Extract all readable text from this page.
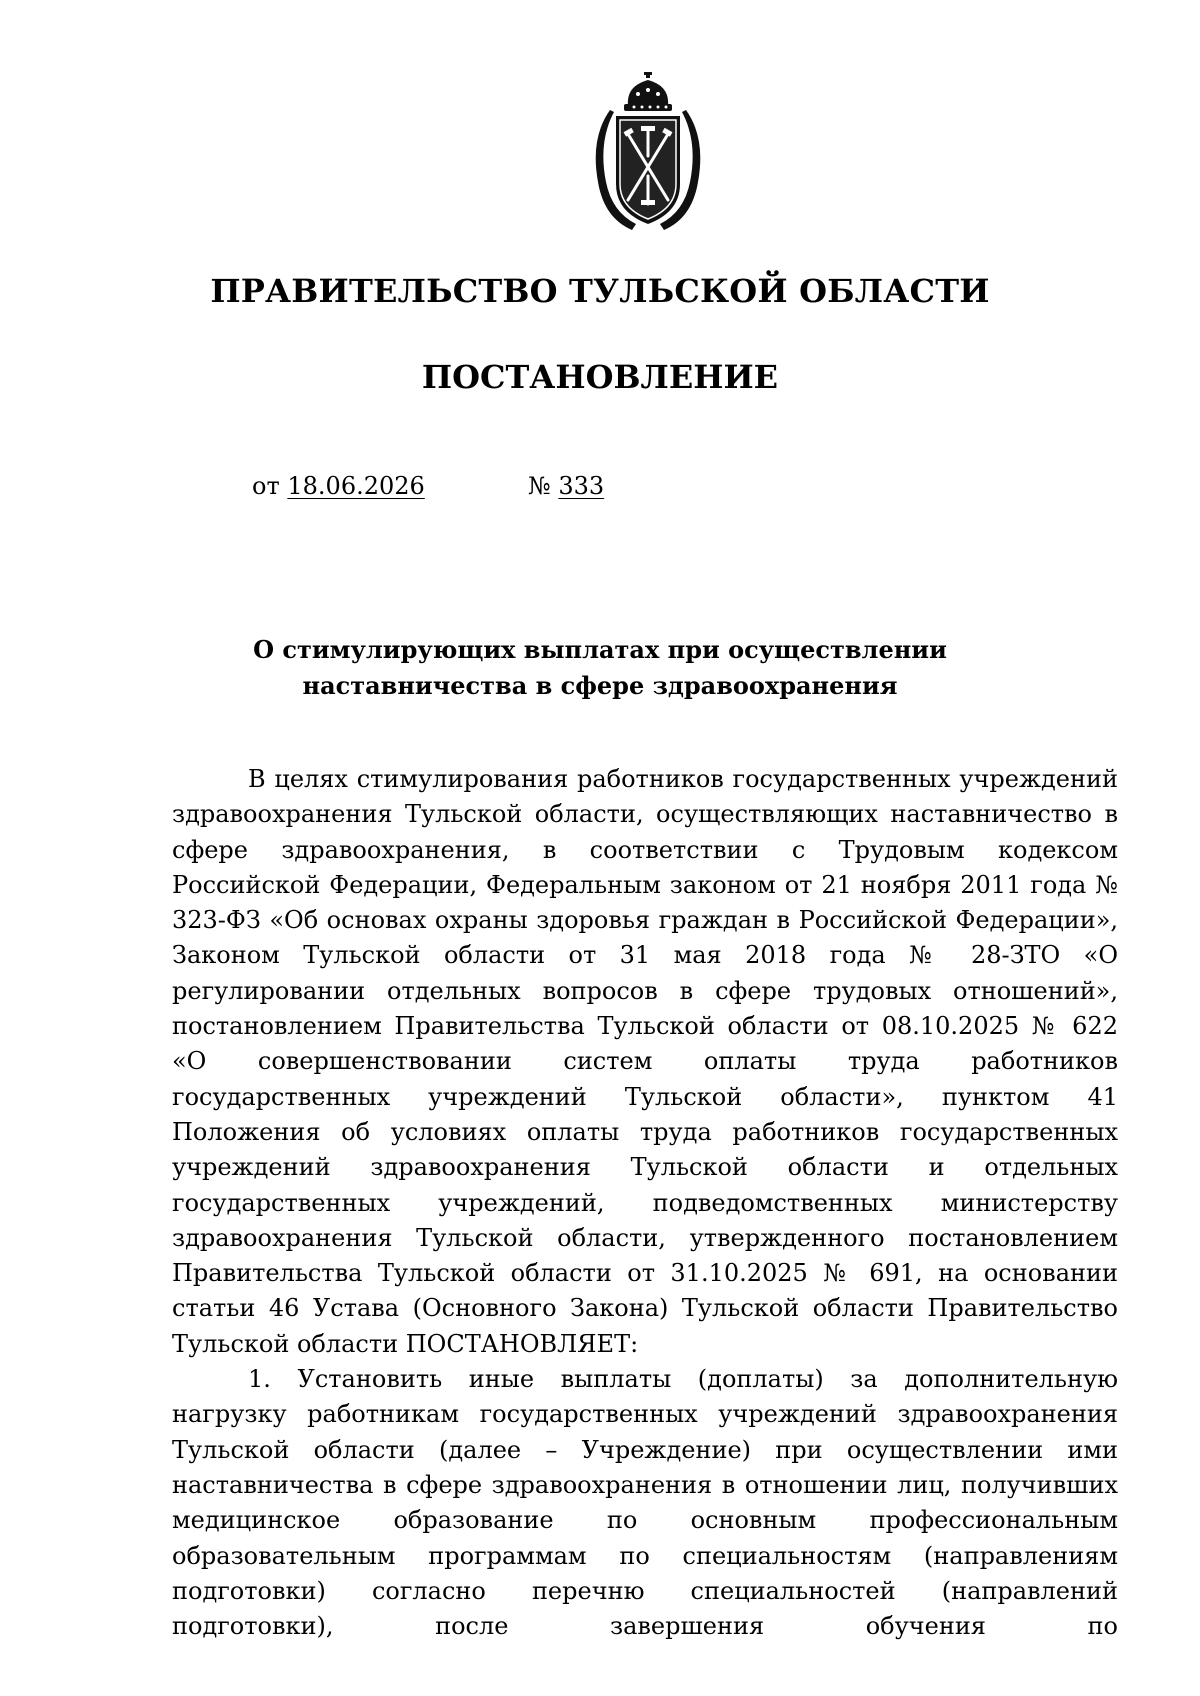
ПРАВИТЕЛЬСТВО ТУЛЬСКОЙ ОБЛАСТИ
ПОСТАНОВЛЕНИЕ
от 18.06.2026	№ 333
О стимулирующих выплатах при осуществлении
наставничества в сфере здравоохранения

В целях стимулирования работников государственных учреждений здравоохранения Тульской области, осуществляющих наставничество в сфере здравоохранения, в соответствии с Трудовым кодексом Российской Федерации, Федеральным законом от 21 ноября 2011 года № 323-ФЗ «Об основах охраны здоровья граждан в Российской Федерации», Законом Тульской области от 31 мая 2018 года № 28-ЗТО «О регулировании отдельных вопросов в сфере трудовых отношений», постановлением Правительства Тульской области от 08.10.2025 № 622 «О совершенствовании систем оплаты труда работников государственных учреждений Тульской области», пунктом 41 Положения об условиях оплаты труда работников государственных учреждений здравоохранения Тульской области и отдельных государственных учреждений, подведомственных министерству здравоохранения Тульской области, утвержденного постановлением Правительства Тульской области от 31.10.2025 № 691, на основании статьи 46 Устава (Основного Закона) Тульской области Правительство Тульской области ПОСТАНОВЛЯЕТ:

1. Установить иные выплаты (доплаты) за дополнительную нагрузку работникам государственных учреждений здравоохранения Тульской области (далее – Учреждение) при осуществлении ими наставничества в сфере здравоохранения в отношении лиц, получивших медицинское образование по основным профессиональным образовательным программам по специальностям (направлениям подготовки) согласно перечню специальностей (направлений подготовки), после завершения обучения по
